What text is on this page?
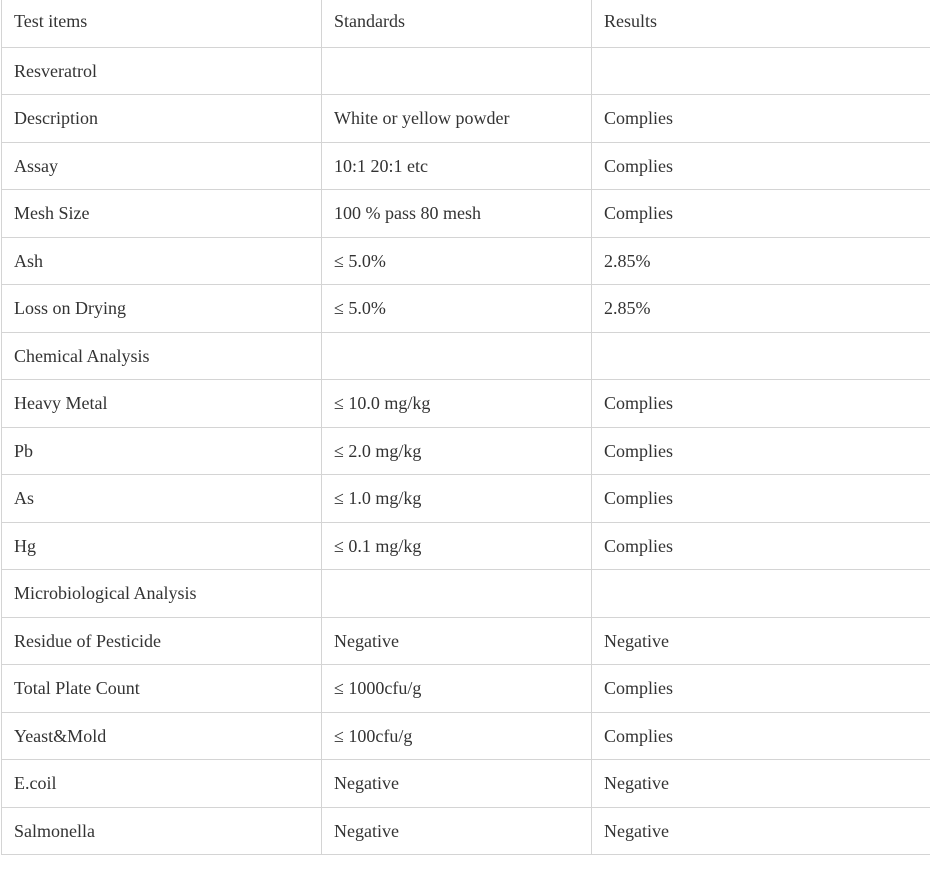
Test items	Standards	Results
Resveratrol		
Description	White or yellow powder	Complies
Assay	10:1 20:1 etc	Complies
Mesh Size	100 % pass 80 mesh	Complies
Ash	≤ 5.0%	2.85%
Loss on Drying	≤ 5.0%	2.85%
Chemical Analysis		
Heavy Metal	≤ 10.0 mg/kg	Complies
Pb	≤ 2.0 mg/kg	Complies
As	≤ 1.0 mg/kg	Complies
Hg	≤ 0.1 mg/kg	Complies
Microbiological Analysis		
Residue of Pesticide	Negative	Negative
Total Plate Count	≤ 1000cfu/g	Complies
Yeast&Mold	≤ 100cfu/g	Complies
E.coil	Negative	Negative
Salmonella	Negative	Negative
